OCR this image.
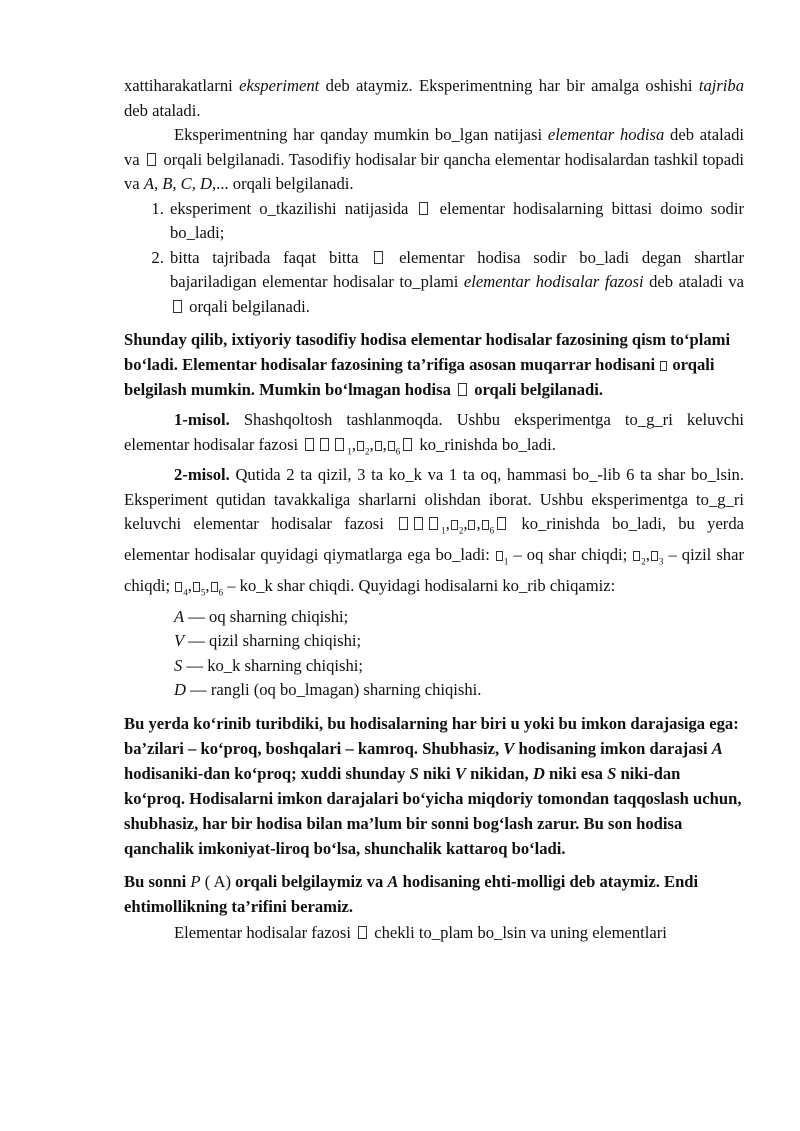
xattiharakatlarni eksperiment deb ataymiz. Eksperimentning har bir amalga oshishi tajriba deb ataladi.

Eksperimentning har qanday mumkin bo_lgan natijasi elementar hodisa deb ataladi va  orqali belgilanadi. Tasodifiy hodisalar bir qancha elementar hodisalardan tashkil topadi va A, B, C, D,... orqali belgilanadi.

1. eksperiment o_tkazilishi natijasida  elementar hodisalarning bittasi doimo sodir bo_ladi;
2. bitta tajribada faqat bitta  elementar hodisa sodir bo_ladi degan shartlar bajariladigan elementar hodisalar to_plami elementar hodisalar fazosi deb ataladi va  orqali belgilanadi.

Shunday qilib, ixtiyoriy tasodifiy hodisa elementar hodisalar fazosining qism to‘plami bo‘ladi. Elementar hodisalar fazosining ta’rifiga asosan muqarrar hodisani  orqali belgilash mumkin. Mumkin bo‘lmagan hodisa  orqali belgilanadi.

1-misol. Shashqoltosh tashlanmoqda. Ushbu eksperimentga to_g_ri keluvchi elementar hodisalar fazosi	$_1$, $_2$, , $_6$ ko_rinishda bo_ladi.

2-misol. Qutida 2 ta qizil, 3 ta ko_k va 1 ta oq, hammasi bo_-lib 6 ta shar bo_lsin. Eksperiment qutidan tavakkaliga sharlarni olishdan iborat. Ushbu eksperimentga to_g_ri keluvchi elementar hodisalar fazosi	$_1$, $_2$, , $_6$ ko_rinishda bo_ladi, bu yerda elementar hodisalar quyidagi qiymatlarga ega bo_ladi: $_1$ – oq shar chiqdi; $_2$, $_3$ – qizil shar chiqdi; $_4$, $_5$, $_6$ – ko_k shar chiqdi. Quyidagi hodisalarni ko_rib chiqamiz:

A — oq sharning chiqishi;

V — qizil sharning chiqishi;

S — ko_k sharning chiqishi;

D — rangli (oq bo_lmagan) sharning chiqishi.

Bu yerda ko‘rinib turibdiki, bu hodisalarning har biri u yoki bu imkon darajasiga ega: ba’zilari – ko‘proq, boshqalari – kamroq. Shubhasiz, V hodisaning imkon darajasi A hodisaniki-dan ko‘proq; xuddi shunday S niki V nikidan, D niki esa S niki-dan ko‘proq. Hodisalarni imkon darajalari bo‘yicha miqdoriy tomondan taqqoslash uchun, shubhasiz, har bir hodisa bilan ma’lum bir sonni bog‘lash zarur. Bu son hodisa qanchalik imkoniyat-liroq bo‘lsa, shunchalik kattaroq bo‘ladi.

Bu sonni P ( A) orqali belgilaymiz va A hodisaning ehti-molligi deb ataymiz. Endi ehtimollikning ta’rifini beramiz.

Elementar hodisalar fazosi  chekli to_plam bo_lsin va uning elementlari
